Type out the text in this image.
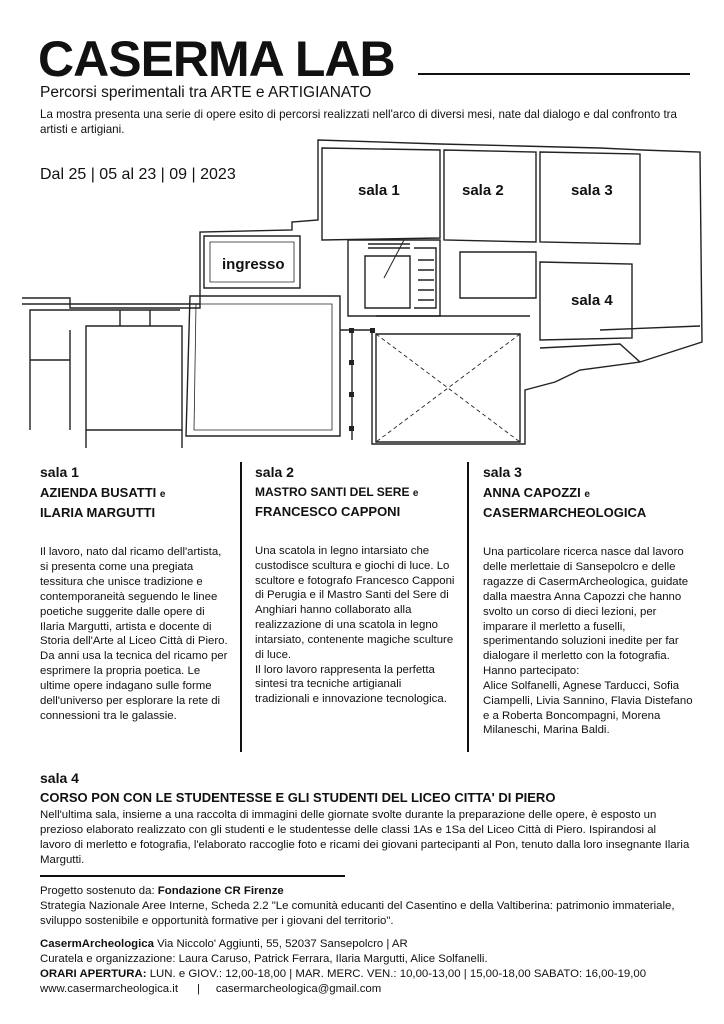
CASERMA LAB
Percorsi sperimentali tra ARTE e ARTIGIANATO
La mostra presenta una serie di opere esito di percorsi realizzati nell'arco di diversi mesi, nate dal dialogo e dal confronto tra artisti e artigiani.
Dal 25 | 05 al 23 | 09 | 2023
sala 1	sala 2	sala 3
sala 4
ingresso
sala 1
AZIENDA BUSATTI e
ILARIA MARGUTTI
Il lavoro, nato dal ricamo dell'artista, si presenta come una pregiata tessitura che unisce tradizione e contemporaneità seguendo le linee poetiche suggerite dalle opere di Ilaria Margutti, artista e docente di Storia dell'Arte al Liceo Città di Piero. Da anni usa la tecnica del ricamo per esprimere la propria poetica. Le ultime opere indagano sulle forme dell'universo per esplorare la rete di connessioni tra le galassie.
sala 2
MASTRO SANTI DEL SERE e
FRANCESCO CAPPONI
Una scatola in legno intarsiato che custodisce scultura e giochi di luce. Lo scultore e fotografo Francesco Capponi di Perugia e il Mastro Santi del Sere di Anghiari hanno collaborato alla realizzazione di una scatola in legno intarsiato, contenente magiche sculture di luce.
Il loro lavoro rappresenta la perfetta sintesi tra tecniche artigianali tradizionali e innovazione tecnologica.
sala 3
ANNA CAPOZZI e
CASERMARCHEOLOGICA
Una particolare ricerca nasce dal lavoro delle merlettaie di Sansepolcro e delle ragazze di CasermArcheologica, guidate dalla maestra Anna Capozzi che hanno svolto un corso di dieci lezioni, per imparare il merletto a fuselli, sperimentando soluzioni inedite per far dialogare il merletto con la fotografia.
Hanno partecipato:
Alice Solfanelli, Agnese Tarducci, Sofia Ciampelli, Livia Sannino, Flavia Distefano e a Roberta Boncompagni, Morena Milaneschi, Marina Baldi.
sala 4
CORSO PON CON LE STUDENTESSE E GLI STUDENTI DEL LICEO CITTA' DI PIERO
Nell'ultima sala, insieme a una raccolta di immagini delle giornate svolte durante la preparazione delle opere, è esposto un prezioso elaborato realizzato con gli studenti e le studentesse delle classi 1As e 1Sa del Liceo Città di Piero. Ispirandosi al lavoro di merletto e fotografia, l'elaborato raccoglie foto e ricami dei giovani partecipanti al Pon, tenuto dalla loro insegnante Ilaria Margutti.
Progetto sostenuto da: Fondazione CR Firenze
Strategia Nazionale Aree Interne, Scheda 2.2 "Le comunità educanti del Casentino e della Valtiberina: patrimonio immateriale, sviluppo sostenibile e opportunità formative per i giovani del territorio".
CasermArcheologica Via Niccolo' Aggiunti, 55, 52037 Sansepolcro | AR
Curatela e organizzazione: Laura Caruso, Patrick Ferrara, Ilaria Margutti, Alice Solfanelli.
ORARI APERTURA: LUN. e GIOV.: 12,00-18,00 | MAR. MERC. VEN.: 10,00-13,00 | 15,00-18,00 SABATO: 16,00-19,00
www.casermarcheologica.it | casermarcheologica@gmail.com
